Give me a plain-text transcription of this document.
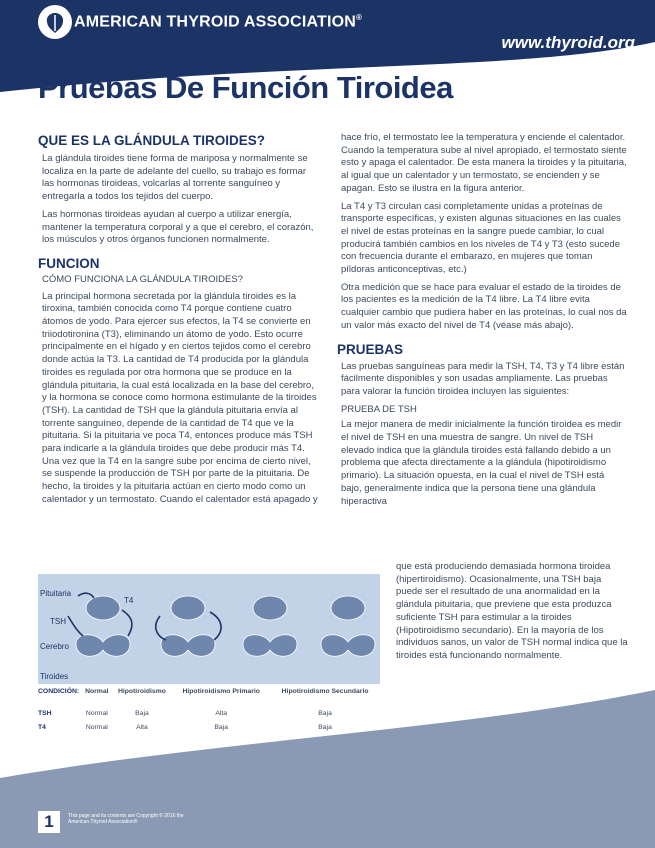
AMERICAN THYROID ASSOCIATION®
www.thyroid.org
Pruebas De Función Tiroidea
QUE ES LA GLÁNDULA TIROIDES?

La glándula tiroides tiene forma de mariposa y normalmente se localiza en la parte de adelante del cuello, su trabajo es formar las hormonas tiroideas, volcarlas al torrente sanguíneo y entregarla a todos los tejidos del cuerpo.

Las hormonas tiroideas ayudan al cuerpo a utilizar energía, mantener la temperatura corporal y a que el cerebro, el corazón, los músculos y otros órganos funcionen normalmente.

FUNCION

CÓMO FUNCIONA LA GLÁNDULA TIROIDES?

La principal hormona secretada por la glándula tiroides es la tiroxina, también conocida como T4 porque contiene cuatro átomos de yodo. Para ejercer sus efectos, la T4 se convierte en triiodotironina (T3), eliminando un átomo de yodo. Esto ocurre principalmente en el hígado y en ciertos tejidos como el cerebro donde actúa la T3. La cantidad de T4 producida por la glándula tiroides es regulada por otra hormona que se produce en la glándula pituitaria, la cual está localizada en la base del cerebro, y la hormona se conoce como hormona estimulante de la tiroides (TSH). La cantidad de TSH que la glándula pituitaria envía al torrente sanguíneo, depende de la cantidad de T4 que ve la pituitaria. Si la pituitaria ve poca T4, entonces produce más TSH para indicarle a la glándula tiroides que debe producir más T4. Una vez que la T4 en la sangre sube por encima de cierto nivel, se suspende la producción de TSH por parte de la pituitaria. De hecho, la tiroides y la pituitaria actúan en cierto modo como un calentador y un termostato. Cuando el calentador está apagado y

hace frío, el termostato lee la temperatura y enciende el calentador. Cuando la temperatura sube al nivel apropiado, el termostato siente esto y apaga el calentador. De esta manera la tiroides y la pituitaria, al igual que un calentador y un termostato, se encienden y se apagan. Esto se ilustra en la figura anterior.

La T4 y T3 circulan casi completamente unidas a proteínas de transporte específicas, y existen algunas situaciones en las cuales el nivel de estas proteínas en la sangre puede cambiar, lo cual producirá también cambios en los niveles de T4 y T3 (esto sucede con frecuencia durante el embarazo, en mujeres que toman píldoras anticonceptivas, etc.)

Otra medición que se hace para evaluar el estado de la tiroides de los pacientes es la medición de la T4 libre. La T4 libre evita cualquier cambio que pudiera haber en las proteínas, lo cual nos da un valor más exacto del nivel de T4 (véase más abajo).

PRUEBAS

Las pruebas sanguíneas para medir la TSH, T4, T3 y T4 libre están fácilmente disponibles y son usadas ampliamente. Las pruebas para valorar la función tiroidea incluyen las siguientes:

PRUEBA DE TSH

La mejor manera de medir inicialmente la función tiroidea es medir el nivel de TSH en una muestra de sangre. Un nivel de TSH elevado indica que la glándula tiroides está fallando debido a un problema que afecta directamente a la glándula (hipotiroidismo primario). La situación opuesta, en la cual el nivel de TSH está bajo, generalmente indica que la persona tiene una glándula hiperactiva

que está produciendo demasiada hormona tiroidea (hipertiroidismo). Ocasionalmente, una TSH baja puede ser el resultado de una anormalidad en la glándula pituitaria, que previene que esta produzca suficiente TSH para estimular a la tiroides (Hipotiroidismo secundario). En la mayoría de los individuos sanos, un valor de TSH normal indica que la tiroides está funcionando normalmente.
Pituitaria
TSH
T4
Cerebro
Tiroides
CONDICIÓN:	Normal	Hipotiroidismo	Hipotiroidismo Primario	Hipotiroidismo Secundario

TSH	Normal	Baja	Alta	Baja
T4	Normal	Alta	Baja	Baja
1	This page and its contents are Copyright © 2016 the American Thyroid Association®
